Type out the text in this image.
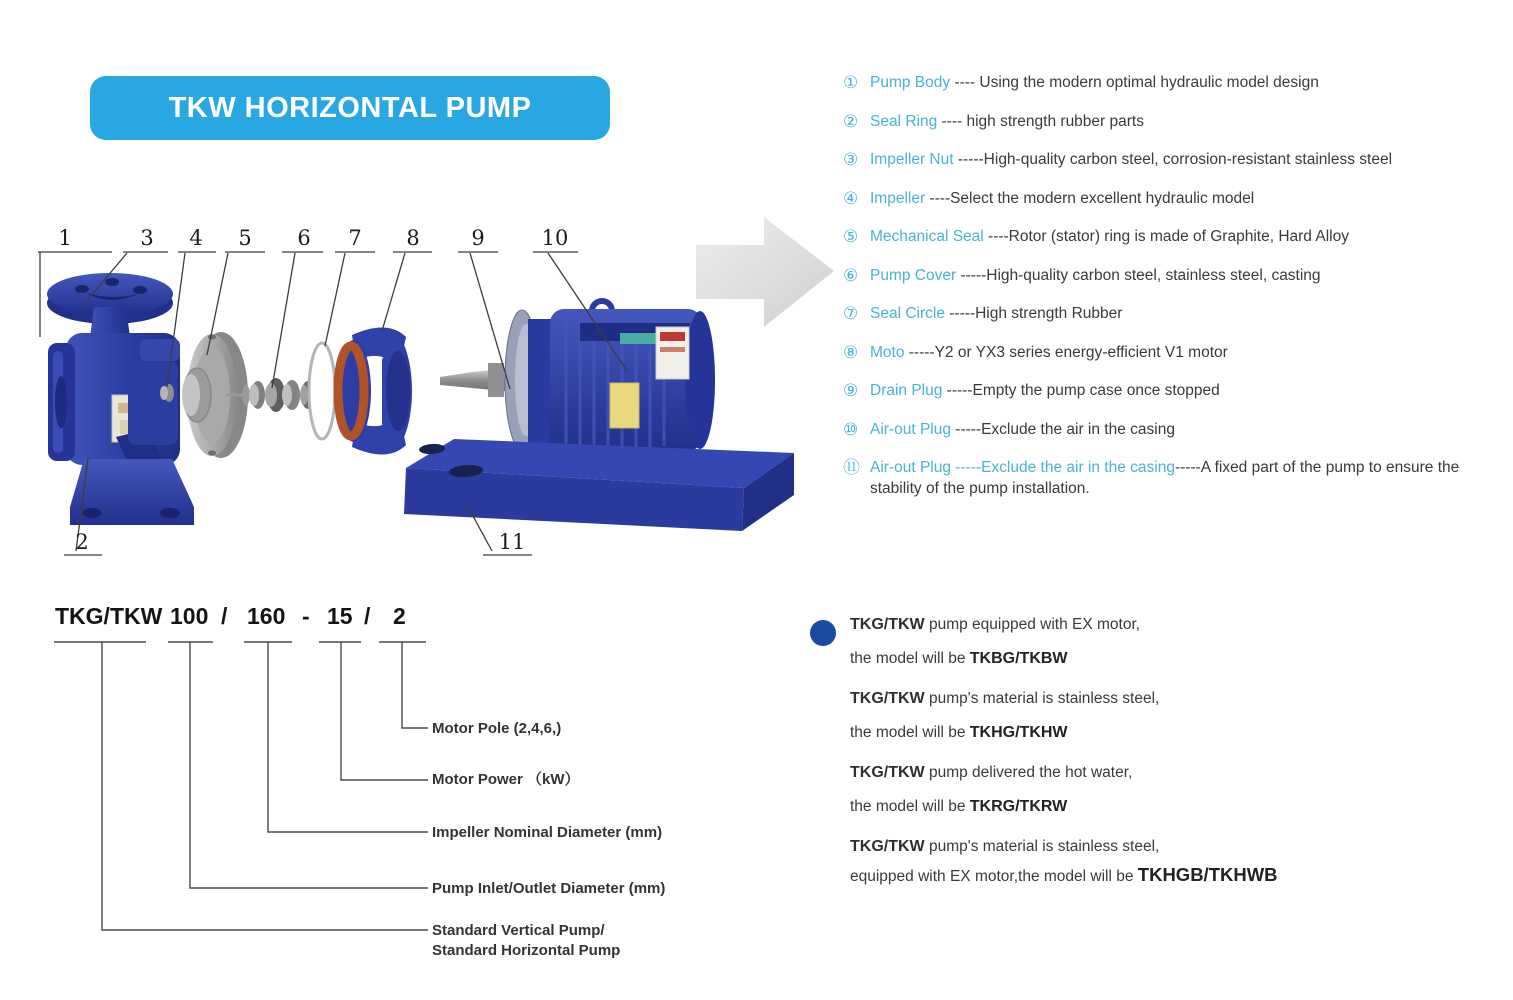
TKW HORIZONTAL PUMP
1	3 4 5 6 7 8 9	10
2	11
① Pump Body ---- Using the modern optimal hydraulic model design
② Seal Ring ---- high strength rubber parts
③ Impeller Nut -----High-quality carbon steel, corrosion-resistant stainless steel
④ Impeller ----Select the modern excellent hydraulic model
⑤ Mechanical Seal ----Rotor (stator) ring is made of Graphite, Hard Alloy
⑥ Pump Cover -----High-quality carbon steel, stainless steel, casting
⑦ Seal Circle -----High strength Rubber
⑧ Moto -----Y2 or YX3 series energy-efficient V1 motor
⑨ Drain Plug -----Empty the pump case once stopped
⑩ Air-out Plug -----Exclude the air in the casing
⑪ Air-out Plug -----Exclude the air in the casing-----A fixed part of the pump to ensure the stability of the pump installation.
TKG/TKW 100 / 160 - 15 / 2
Motor Pole (2,4,6,)
Motor Power （kW）
Impeller Nominal Diameter (mm)
Pump Inlet/Outlet Diameter (mm)
Standard Vertical Pump/
Standard Horizontal Pump

TKG/TKW pump equipped with EX motor,

the model will be TKBG/TKBW

TKG/TKW pump's material is stainless steel,

the model will be TKHG/TKHW

TKG/TKW pump delivered the hot water,

the model will be TKRG/TKRW

TKG/TKW pump's material is stainless steel,

equipped with EX motor,the model will be TKHGB/TKHWB
